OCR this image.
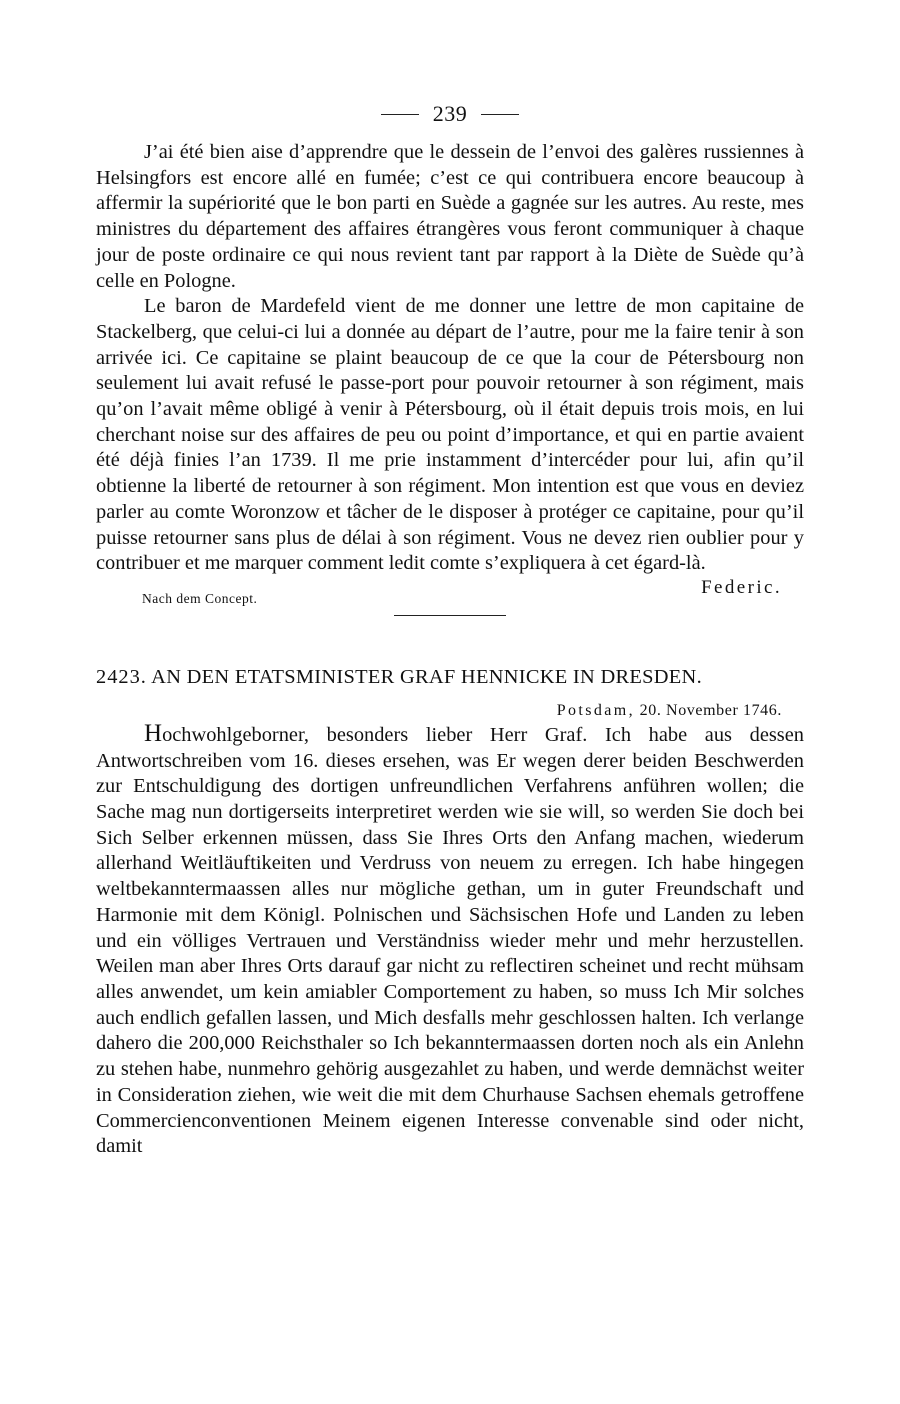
239

J’ai été bien aise d’apprendre que le dessein de l’envoi des galères russiennes à Helsingfors est encore allé en fumée; c’est ce qui contribuera encore beaucoup à affermir la supériorité que le bon parti en Suède a gagnée sur les autres. Au reste, mes ministres du département des affaires étrangères vous feront communiquer à chaque jour de poste ordinaire ce qui nous revient tant par rapport à la Diète de Suède qu’à celle en Pologne.

Le baron de Mardefeld vient de me donner une lettre de mon capitaine de Stackelberg, que celui-ci lui a donnée au départ de l’autre, pour me la faire tenir à son arrivée ici. Ce capitaine se plaint beaucoup de ce que la cour de Pétersbourg non seulement lui avait refusé le passe-port pour pouvoir retourner à son régiment, mais qu’on l’avait même obligé à venir à Pétersbourg, où il était depuis trois mois, en lui cherchant noise sur des affaires de peu ou point d’importance, et qui en partie avaient été déjà finies l’an 1739. Il me prie instamment d’intercéder pour lui, afin qu’il obtienne la liberté de retourner à son régiment. Mon intention est que vous en deviez parler au comte Woronzow et tâcher de le disposer à protéger ce capitaine, pour qu’il puisse retourner sans plus de délai à son régiment. Vous ne devez rien oublier pour y contribuer et me marquer comment ledit comte s’expliquera à cet égard-là.

Nach dem Concept.
Federic.
2423. AN DEN ETATSMINISTER GRAF HENNICKE IN DRESDEN.
Potsdam, 20. November 1746.

Hochwohlgeborner, besonders lieber Herr Graf. Ich habe aus dessen Antwortschreiben vom 16. dieses ersehen, was Er wegen derer beiden Beschwerden zur Entschuldigung des dortigen unfreundlichen Verfahrens anführen wollen; die Sache mag nun dortigerseits interpretiret werden wie sie will, so werden Sie doch bei Sich Selber erkennen müssen, dass Sie Ihres Orts den Anfang machen, wiederum allerhand Weitläuftikeiten und Verdruss von neuem zu erregen. Ich habe hingegen weltbekanntermaassen alles nur mögliche gethan, um in guter Freundschaft und Harmonie mit dem Königl. Polnischen und Sächsischen Hofe und Landen zu leben und ein völliges Vertrauen und Verständniss wieder mehr und mehr herzustellen. Weilen man aber Ihres Orts darauf gar nicht zu reflectiren scheinet und recht mühsam alles anwendet, um kein amiabler Comportement zu haben, so muss Ich Mir solches auch endlich gefallen lassen, und Mich desfalls mehr geschlossen halten. Ich verlange dahero die 200,000 Reichsthaler so Ich bekanntermaassen dorten noch als ein Anlehn zu stehen habe, nunmehro gehörig ausgezahlet zu haben, und werde demnächst weiter in Consideration ziehen, wie weit die mit dem Churhause Sachsen ehemals getroffene Commercienconventionen Meinem eigenen Interesse convenable sind oder nicht, damit
